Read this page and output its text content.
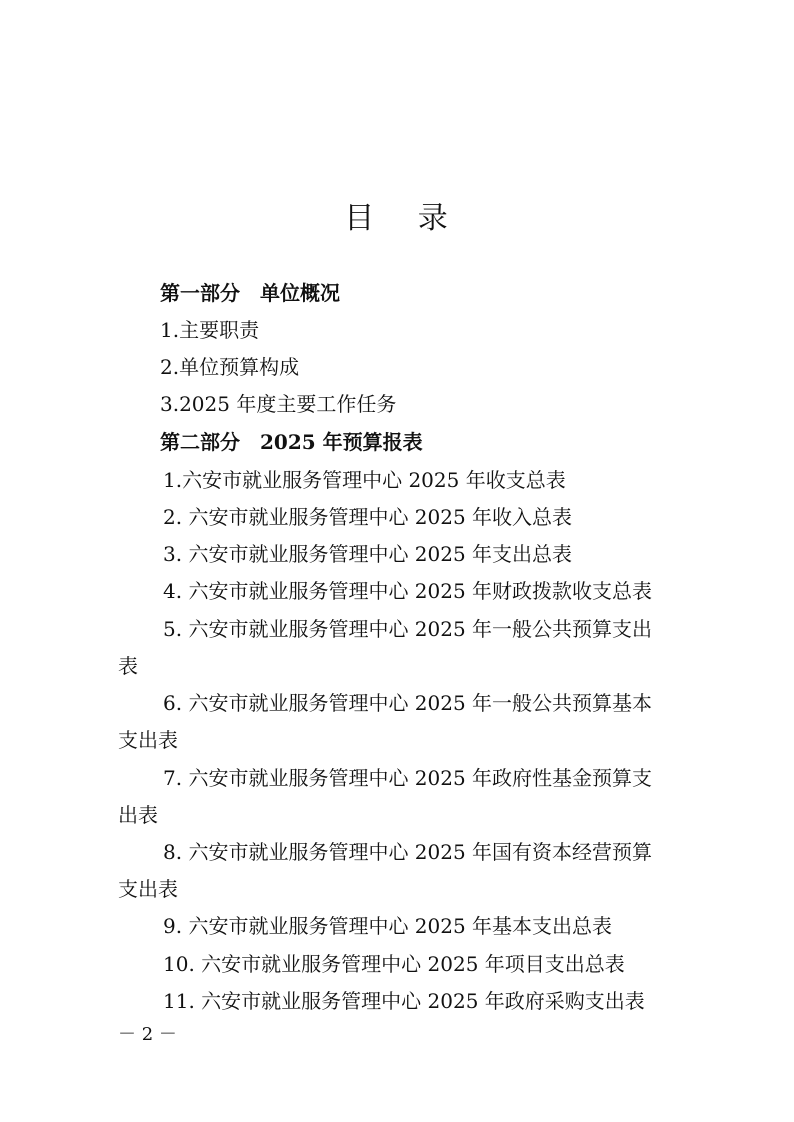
目 录
第一部分　单位概况
1.主要职责
2.单位预算构成
3.2025 年度主要工作任务
第二部分　2025 年预算报表
1.六安市就业服务管理中心 2025 年收支总表
2. 六安市就业服务管理中心 2025 年收入总表
3. 六安市就业服务管理中心 2025 年支出总表
4. 六安市就业服务管理中心 2025 年财政拨款收支总表
5. 六安市就业服务管理中心 2025 年一般公共预算支出
表
6. 六安市就业服务管理中心 2025 年一般公共预算基本
支出表
7. 六安市就业服务管理中心 2025 年政府性基金预算支
出表
8. 六安市就业服务管理中心 2025 年国有资本经营预算
支出表
9. 六安市就业服务管理中心 2025 年基本支出总表
10. 六安市就业服务管理中心 2025 年项目支出总表
11. 六安市就业服务管理中心 2025 年政府采购支出表
－ 2 －
